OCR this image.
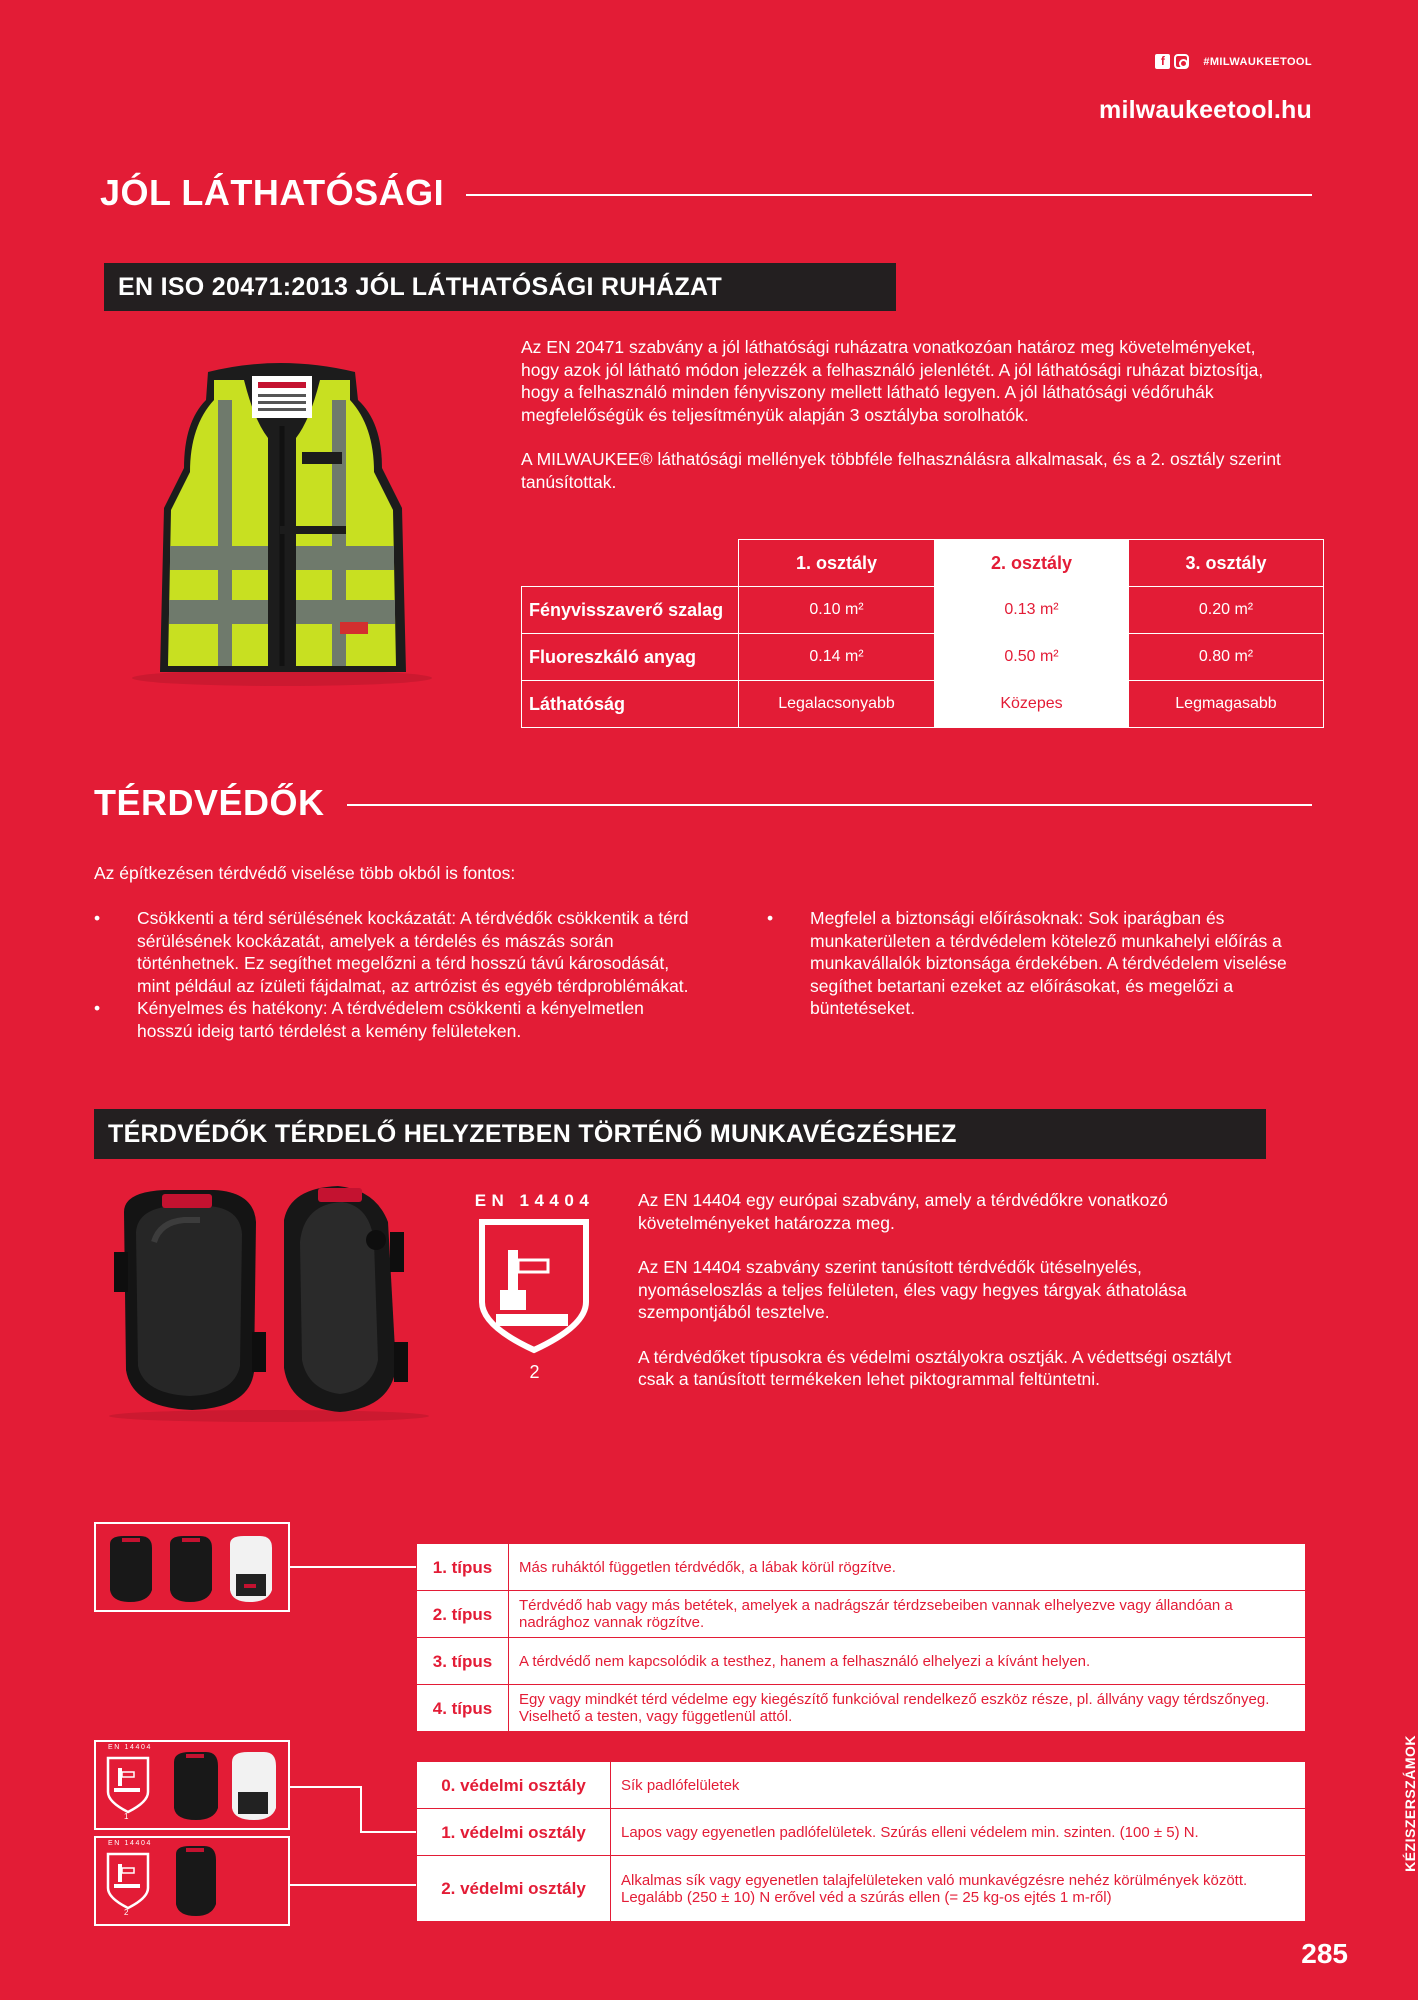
f	#MILWAUKEETOOL
milwaukeetool.hu
JÓL LÁTHATÓSÁGI
EN ISO 20471:2013 JÓL LÁTHATÓSÁGI RUHÁZAT

Az EN 20471 szabvány a jól láthatósági ruházatra vonatkozóan határoz meg követelményeket, hogy azok jól látható módon jelezzék a felhasználó jelenlétét. A jól láthatósági ruházat biztosítja, hogy a felhasználó minden fényviszony mellett látható legyen. A jól láthatósági védőruhák megfelelőségük és teljesítményük alapján 3 osztályba sorolhatók.

A MILWAUKEE® láthatósági mellények többféle felhasználásra alkalmasak, és a 2. osztály szerint tanúsítottak.

	1. osztály	2. osztály	3. osztály
Fényvisszaverő szalag	0.10 m²	0.13 m²	0.20 m²
Fluoreszkáló anyag	0.14 m²	0.50 m²	0.80 m²
Láthatóság	Legalacsonyabb	Közepes	Legmagasabb
TÉRDVÉDŐK
Az építkezésen térdvédő viselése több okból is fontos:
• Csökkenti a térd sérülésének kockázatát: A térdvédők csökkentik a térd sérülésének kockázatát, amelyek a térdelés és mászás során történhetnek. Ez segíthet megelőzni a térd hosszú távú károsodását, mint például az ízületi fájdalmat, az artrózist és egyéb térdproblémákat.
• Kényelmes és hatékony: A térdvédelem csökkenti a kényelmetlen hosszú ideig tartó térdelést a kemény felületeken.
• Megfelel a biztonsági előírásoknak: Sok iparágban és munkaterületen a térdvédelem kötelező munkahelyi előírás a munkavállalók biztonsága érdekében. A térdvédelem viselése segíthet betartani ezeket az előírásokat, és megelőzi a büntetéseket.
TÉRDVÉDŐK TÉRDELŐ HELYZETBEN TÖRTÉNŐ MUNKAVÉGZÉSHEZ
EN 14404
2

Az EN 14404 egy európai szabvány, amely a térdvédőkre vonatkozó követelményeket határozza meg.

Az EN 14404 szabvány szerint tanúsított térdvédők ütéselnyelés, nyomáseloszlás a teljes felületen, éles vagy hegyes tárgyak áthatolása szempontjából tesztelve.

A térdvédőket típusokra és védelmi osztályokra osztják. A védettségi osztályt csak a tanúsított termékeken lehet piktogrammal feltüntetni.

EN 14404
1
EN 14404
2
1. típus	Más ruháktól független térdvédők, a lábak körül rögzítve.
2. típus	Térdvédő hab vagy más betétek, amelyek a nadrágszár térdzsebeiben vannak elhelyezve vagy állandóan a nadrághoz vannak rögzítve.
3. típus	A térdvédő nem kapcsolódik a testhez, hanem a felhasználó elhelyezi a kívánt helyen.
4. típus	Egy vagy mindkét térd védelme egy kiegészítő funkcióval rendelkező eszköz része, pl. állvány vagy térdszőnyeg. Viselhető a testen, vagy függetlenül attól.
0. védelmi osztály	Sík padlófelületek
1. védelmi osztály	Lapos vagy egyenetlen padlófelületek. Szúrás elleni védelem min. szinten. (100 ± 5) N.
2. védelmi osztály	Alkalmas sík vagy egyenetlen talajfelületeken való munkavégzésre nehéz körülmények között. Legalább (250 ± 10) N erővel véd a szúrás ellen (= 25 kg-os ejtés 1 m-ről)
KÉZISZERSZÁMOK
285
